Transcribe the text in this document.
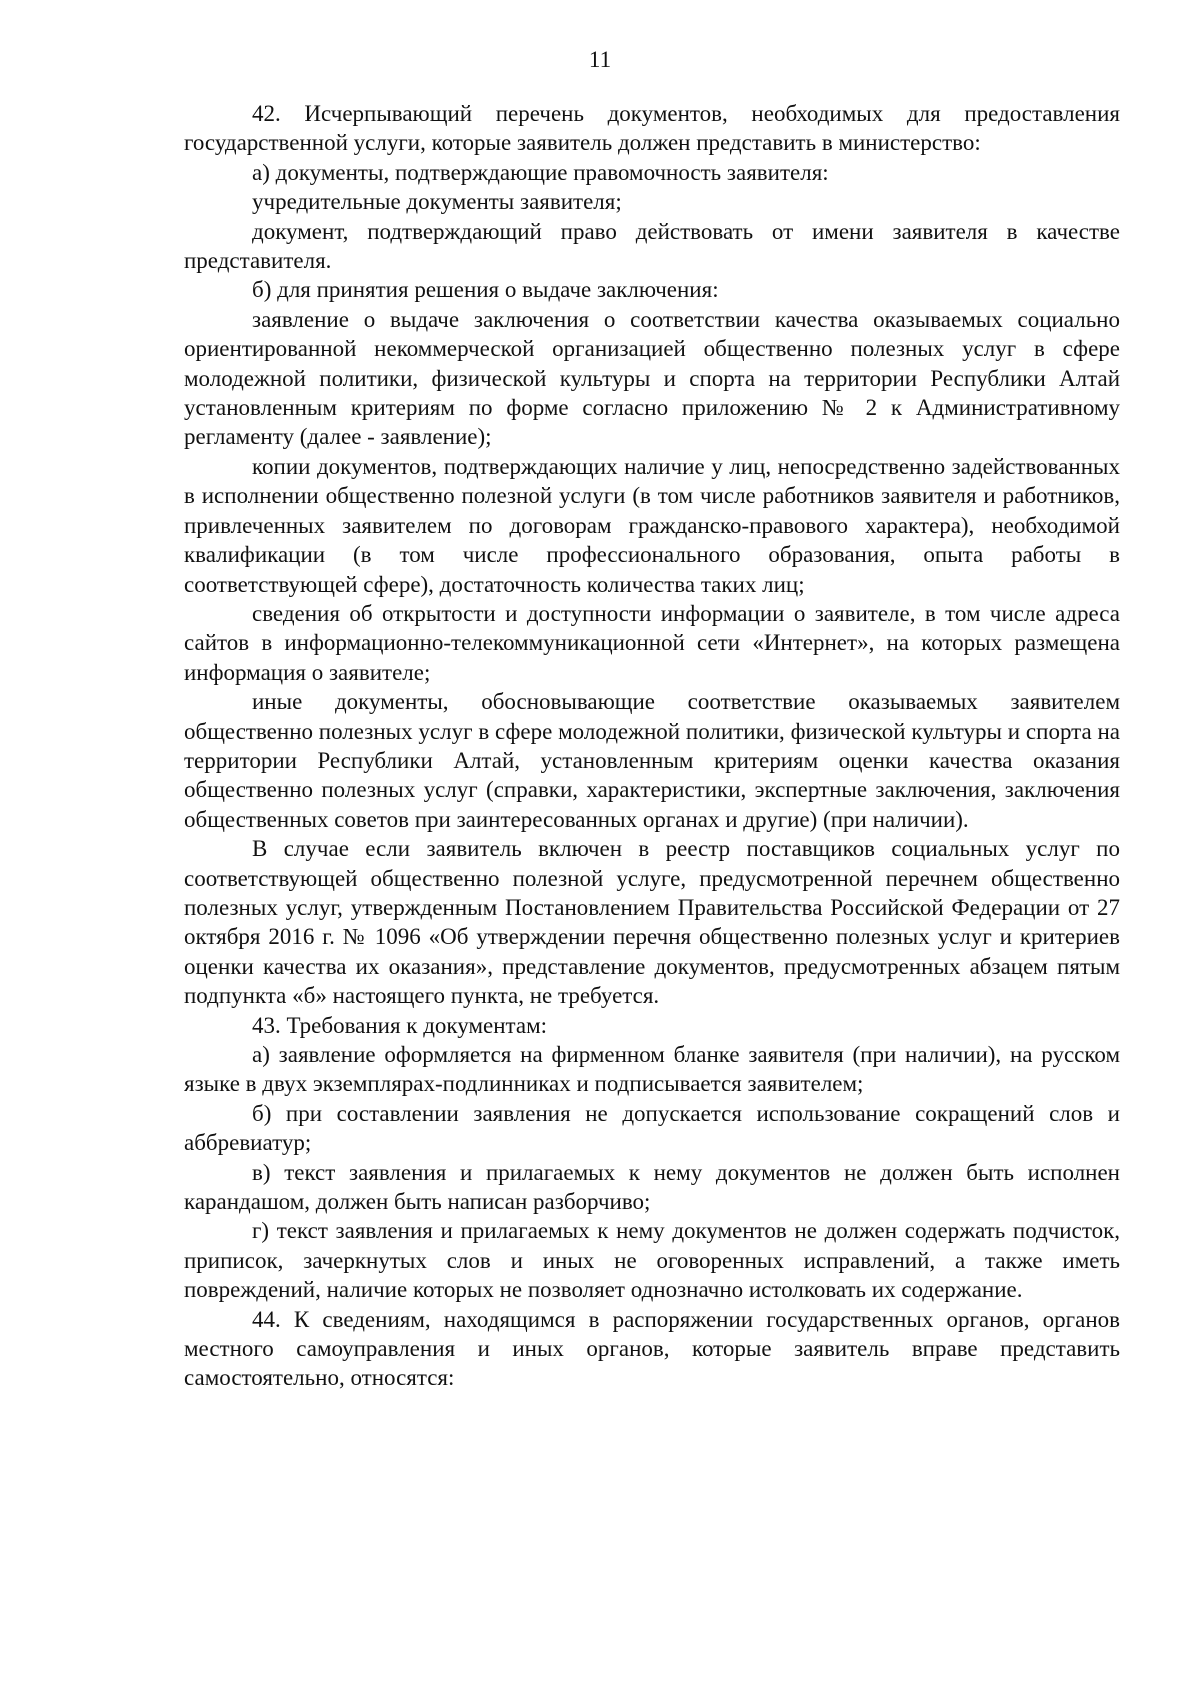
11

42. Исчерпывающий перечень документов, необходимых для предоставления государственной услуги, которые заявитель должен представить в министерство:

а) документы, подтверждающие правомочность заявителя:

учредительные документы заявителя;

документ, подтверждающий право действовать от имени заявителя в качестве представителя.

б) для принятия решения о выдаче заключения:

заявление о выдаче заключения о соответствии качества оказываемых социально ориентированной некоммерческой организацией общественно полезных услуг в сфере молодежной политики, физической культуры и спорта на территории Республики Алтай установленным критериям по форме согласно приложению № 2 к Административному регламенту (далее - заявление);

копии документов, подтверждающих наличие у лиц, непосредственно задействованных в исполнении общественно полезной услуги (в том числе работников заявителя и работников, привлеченных заявителем по договорам гражданско-правового характера), необходимой квалификации (в том числе профессионального образования, опыта работы в соответствующей сфере), достаточность количества таких лиц;

сведения об открытости и доступности информации о заявителе, в том числе адреса сайтов в информационно-телекоммуникационной сети «Интернет», на которых размещена информация о заявителе;

иные документы, обосновывающие соответствие оказываемых заявителем общественно полезных услуг в сфере молодежной политики, физической культуры и спорта на территории Республики Алтай, установленным критериям оценки качества оказания общественно полезных услуг (справки, характеристики, экспертные заключения, заключения общественных советов при заинтересованных органах и другие) (при наличии).

В случае если заявитель включен в реестр поставщиков социальных услуг по соответствующей общественно полезной услуге, предусмотренной перечнем общественно полезных услуг, утвержденным Постановлением Правительства Российской Федерации от 27 октября 2016 г. № 1096 «Об утверждении перечня общественно полезных услуг и критериев оценки качества их оказания», представление документов, предусмотренных абзацем пятым подпункта «б» настоящего пункта, не требуется.

43. Требования к документам:

а) заявление оформляется на фирменном бланке заявителя (при наличии), на русском языке в двух экземплярах-подлинниках и подписывается заявителем;

б) при составлении заявления не допускается использование сокращений слов и аббревиатур;

в) текст заявления и прилагаемых к нему документов не должен быть исполнен карандашом, должен быть написан разборчиво;

г) текст заявления и прилагаемых к нему документов не должен содержать подчисток, приписок, зачеркнутых слов и иных не оговоренных исправлений, а также иметь повреждений, наличие которых не позволяет однозначно истолковать их содержание.

44. К сведениям, находящимся в распоряжении государственных органов, органов местного самоуправления и иных органов, которые заявитель вправе представить самостоятельно, относятся:
